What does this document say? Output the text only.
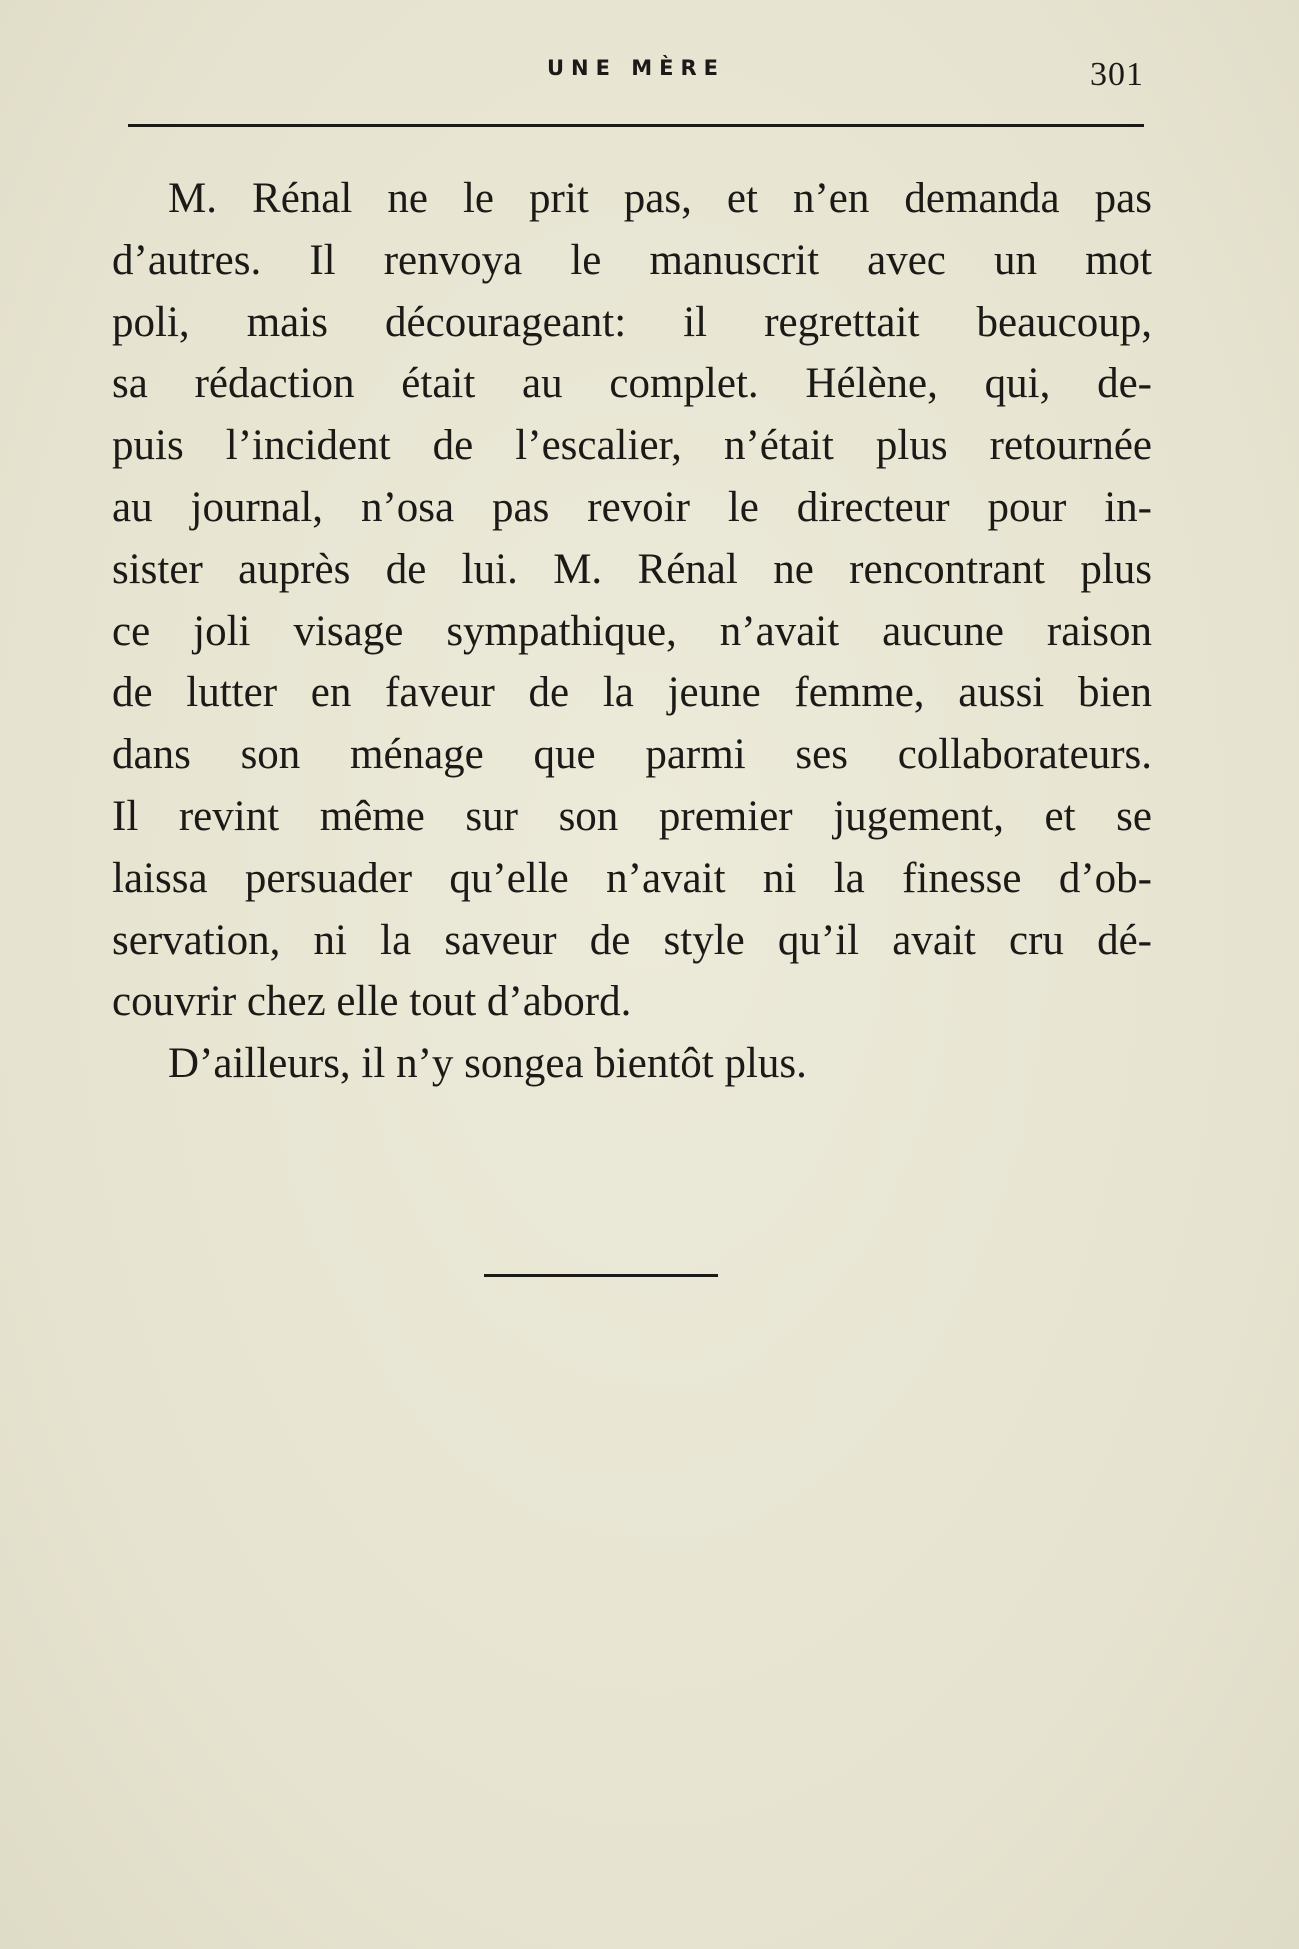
UNE MÈRE	301
M. Rénal ne le prit pas, et n’en demanda pas
d’autres. Il renvoya le manuscrit avec un mot
poli, mais décourageant: il regrettait beaucoup,
sa rédaction était au complet. Hélène, qui, de-
puis l’incident de l’escalier, n’était plus retournée
au journal, n’osa pas revoir le directeur pour in-
sister auprès de lui. M. Rénal ne rencontrant plus
ce joli visage sympathique, n’avait aucune raison
de lutter en faveur de la jeune femme, aussi bien
dans son ménage que parmi ses collaborateurs.
Il revint même sur son premier jugement, et se
laissa persuader qu’elle n’avait ni la finesse d’ob-
servation, ni la saveur de style qu’il avait cru dé-
couvrir chez elle tout d’abord.
D’ailleurs, il n’y songea bientôt plus.
